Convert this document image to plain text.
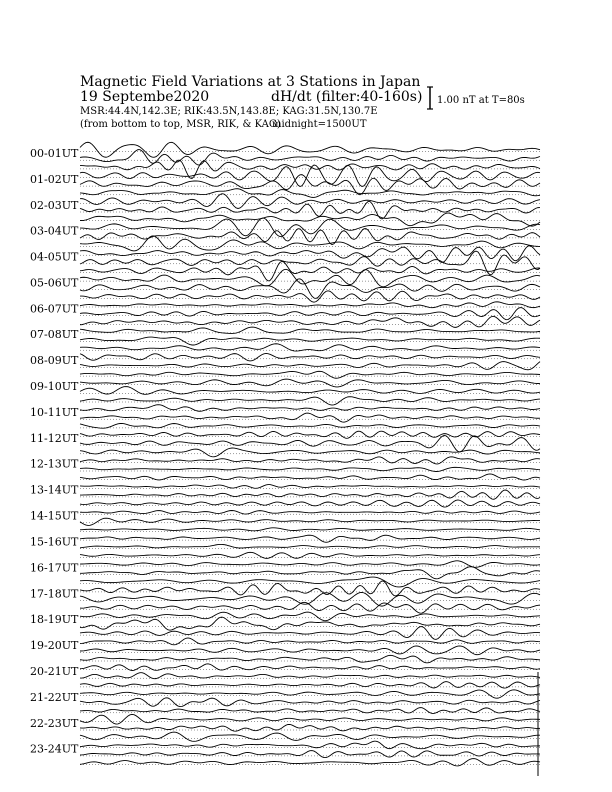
Magnetic Field Variations at 3 Stations in Japan
19 Septembe2020	dH/dt (filter:40-160s)
MSR:44.4N,142.3E; RIK:43.5N,143.8E; KAG:31.5N,130.7E
(from bottom to top, MSR, RIK, & KAG)
midnight=1500UT
1.00 nT at T=80s
00-01UT
01-02UT
02-03UT
03-04UT
04-05UT
05-06UT
06-07UT
07-08UT
08-09UT
09-10UT
10-11UT
11-12UT
12-13UT
13-14UT
14-15UT
15-16UT
16-17UT
17-18UT
18-19UT
19-20UT
20-21UT
21-22UT
22-23UT
23-24UT
